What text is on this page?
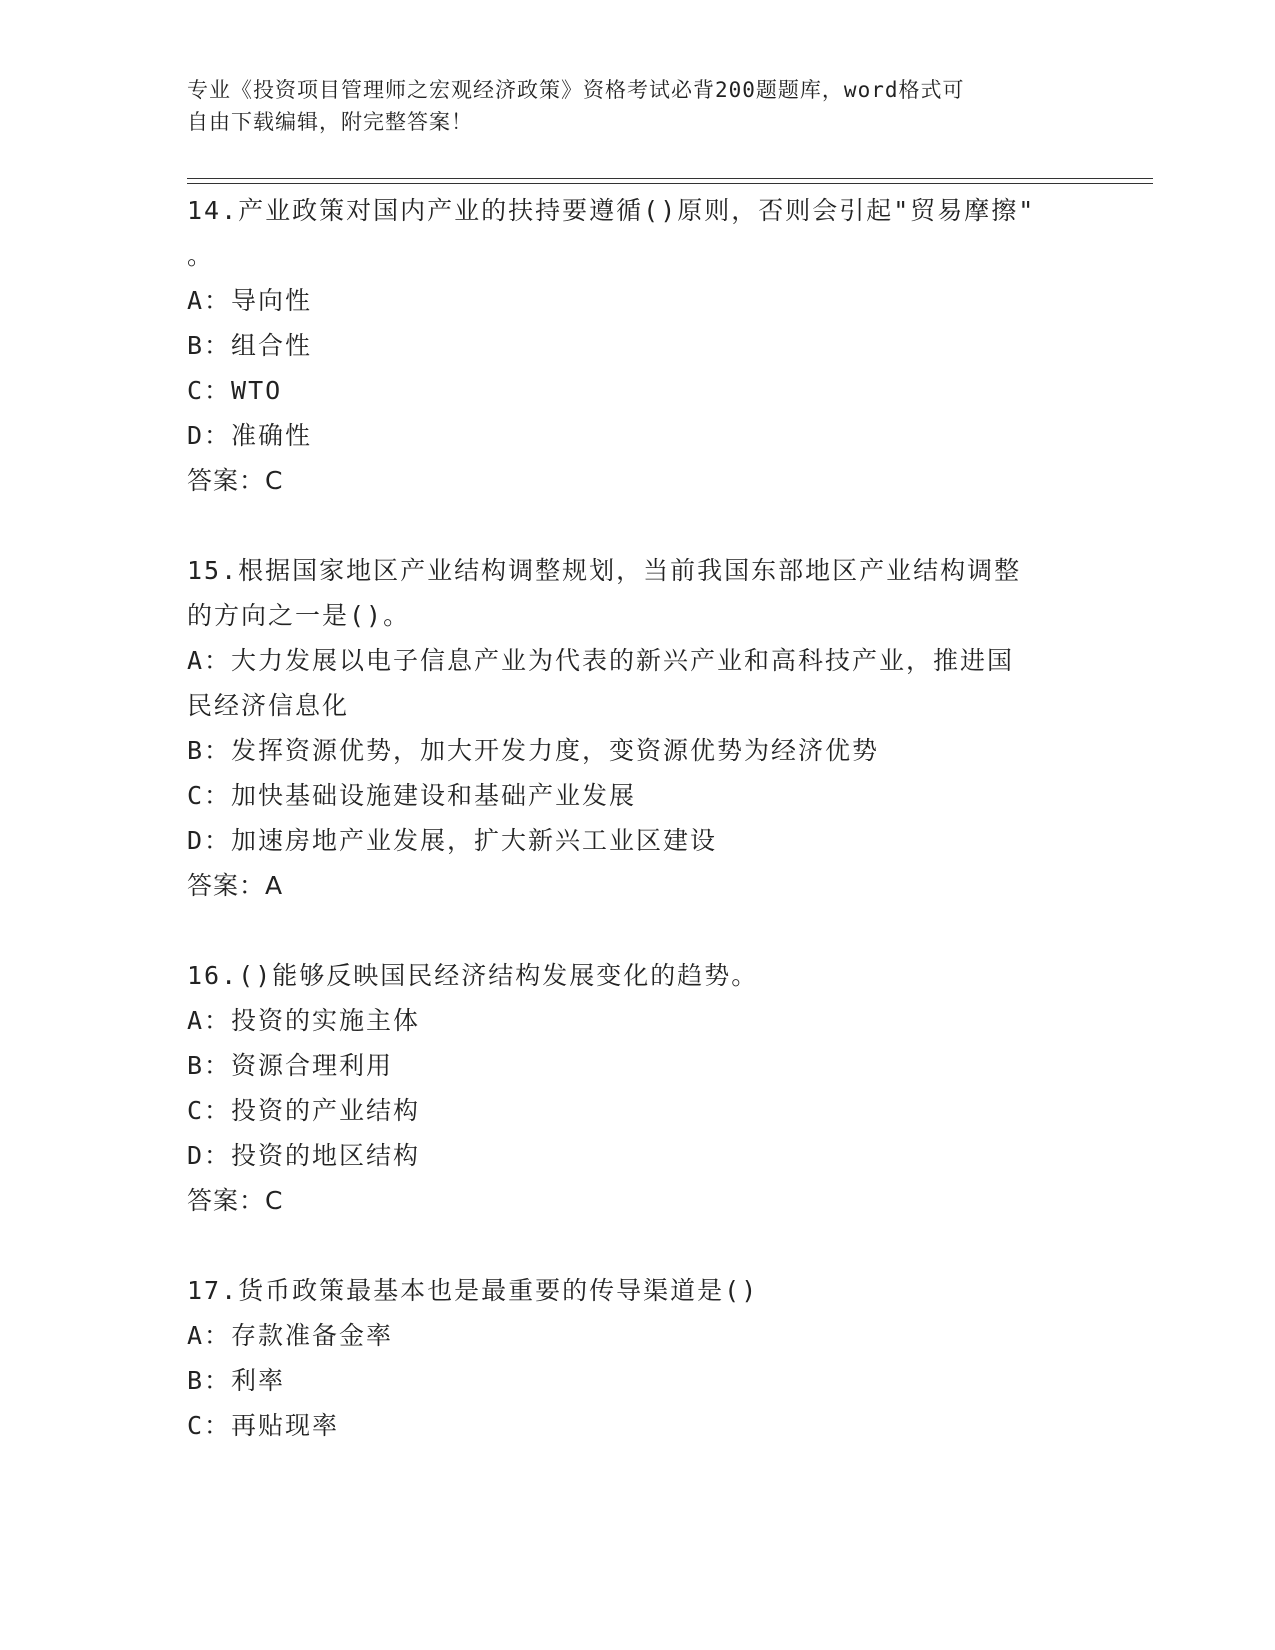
专业《投资项目管理师之宏观经济政策》资格考试必背200题题库，word格式可
自由下载编辑，附完整答案！

14.产业政策对国内产业的扶持要遵循()原则，否则会引起"贸易摩擦"

。

A：导向性

B：组合性

C：WTO

D：准确性

答案：C

15.根据国家地区产业结构调整规划，当前我国东部地区产业结构调整

的方向之一是()。

A：大力发展以电子信息产业为代表的新兴产业和高科技产业，推进国

民经济信息化

B：发挥资源优势，加大开发力度，变资源优势为经济优势

C：加快基础设施建设和基础产业发展

D：加速房地产业发展，扩大新兴工业区建设

答案：A

16.()能够反映国民经济结构发展变化的趋势。

A：投资的实施主体

B：资源合理利用

C：投资的产业结构

D：投资的地区结构

答案：C

17.货币政策最基本也是最重要的传导渠道是()

A：存款准备金率

B：利率

C：再贴现率
